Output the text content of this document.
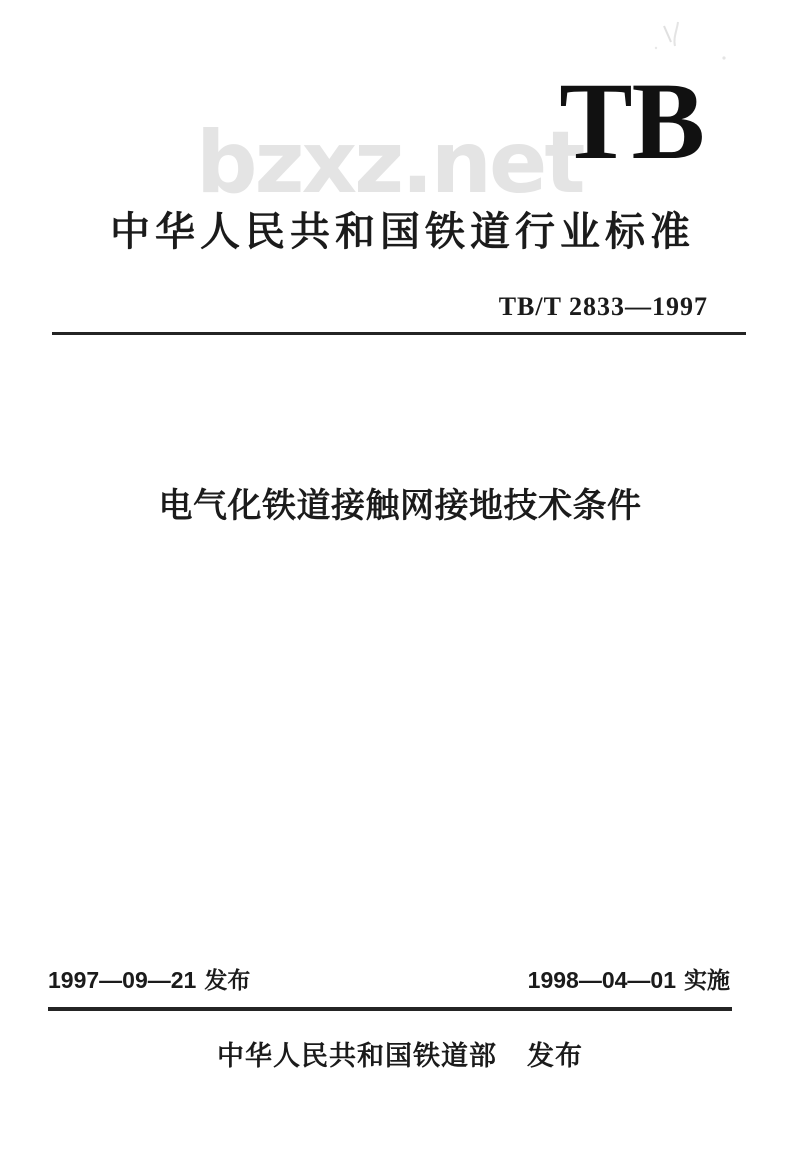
bzxz.net
TB
中华人民共和国铁道行业标准
TB/T 2833—1997
电气化铁道接触网接地技术条件
1997—09—21 发布	1998—04—01 实施
中华人民共和国铁道部 发布
